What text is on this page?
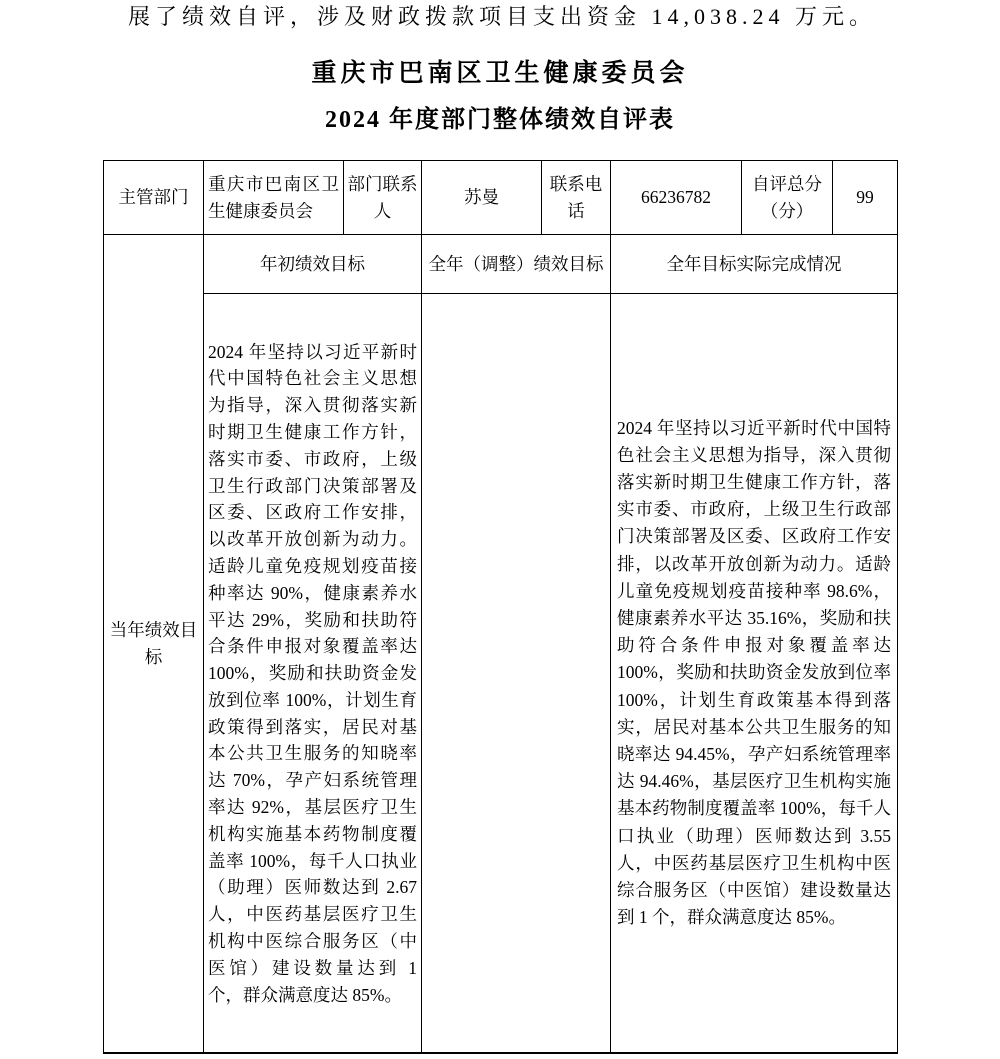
展了绩效自评，涉及财政拨款项目支出资金 14,038.24 万元。
重庆市巴南区卫生健康委员会
2024 年度部门整体绩效自评表
主管部门	重庆市巴南区卫生健康委员会	部门联系人	苏曼	联系电话	66236782	自评总分（分）	99
当年绩效目标	年初绩效目标		全年（调整）绩效目标		全年目标实际完成情况		
2024 年坚持以习近平新时代中国特色社会主义思想为指导，深入贯彻落实新时期卫生健康工作方针，落实市委、市政府，上级卫生行政部门决策部署及区委、区政府工作安排，以改革开放创新为动力。适龄儿童免疫规划疫苗接种率达 90%，健康素养水平达 29%，奖励和扶助符合条件申报对象覆盖率达 100%，奖励和扶助资金发放到位率 100%，计划生育政策得到落实，居民对基本公共卫生服务的知晓率达 70%，孕产妇系统管理率达 92%，基层医疗卫生机构实施基本药物制度覆盖率 100%，每千人口执业（助理）医师数达到 2.67 人，中医药基层医疗卫生机构中医综合服务区（中医馆）建设数量达到 1 个，群众满意度达 85%。		2024 年坚持以习近平新时代中国特色社会主义思想为指导，深入贯彻落实新时期卫生健康工作方针，落实市委、市政府，上级卫生行政部门决策部署及区委、区政府工作安排，以改革开放创新为动力。适龄儿童免疫规划疫苗接种率 98.6%，健康素养水平达 35.16%，奖励和扶助符合条件申报对象覆盖率达 100%，奖励和扶助资金发放到位率 100%，计划生育政策基本得到落实，居民对基本公共卫生服务的知晓率达 94.45%，孕产妇系统管理率达 94.46%，基层医疗卫生机构实施基本药物制度覆盖率 100%，每千人口执业（助理）医师数达到 3.55 人，中医药基层医疗卫生机构中医综合服务区（中医馆）建设数量达到 1 个，群众满意度达 85%。
